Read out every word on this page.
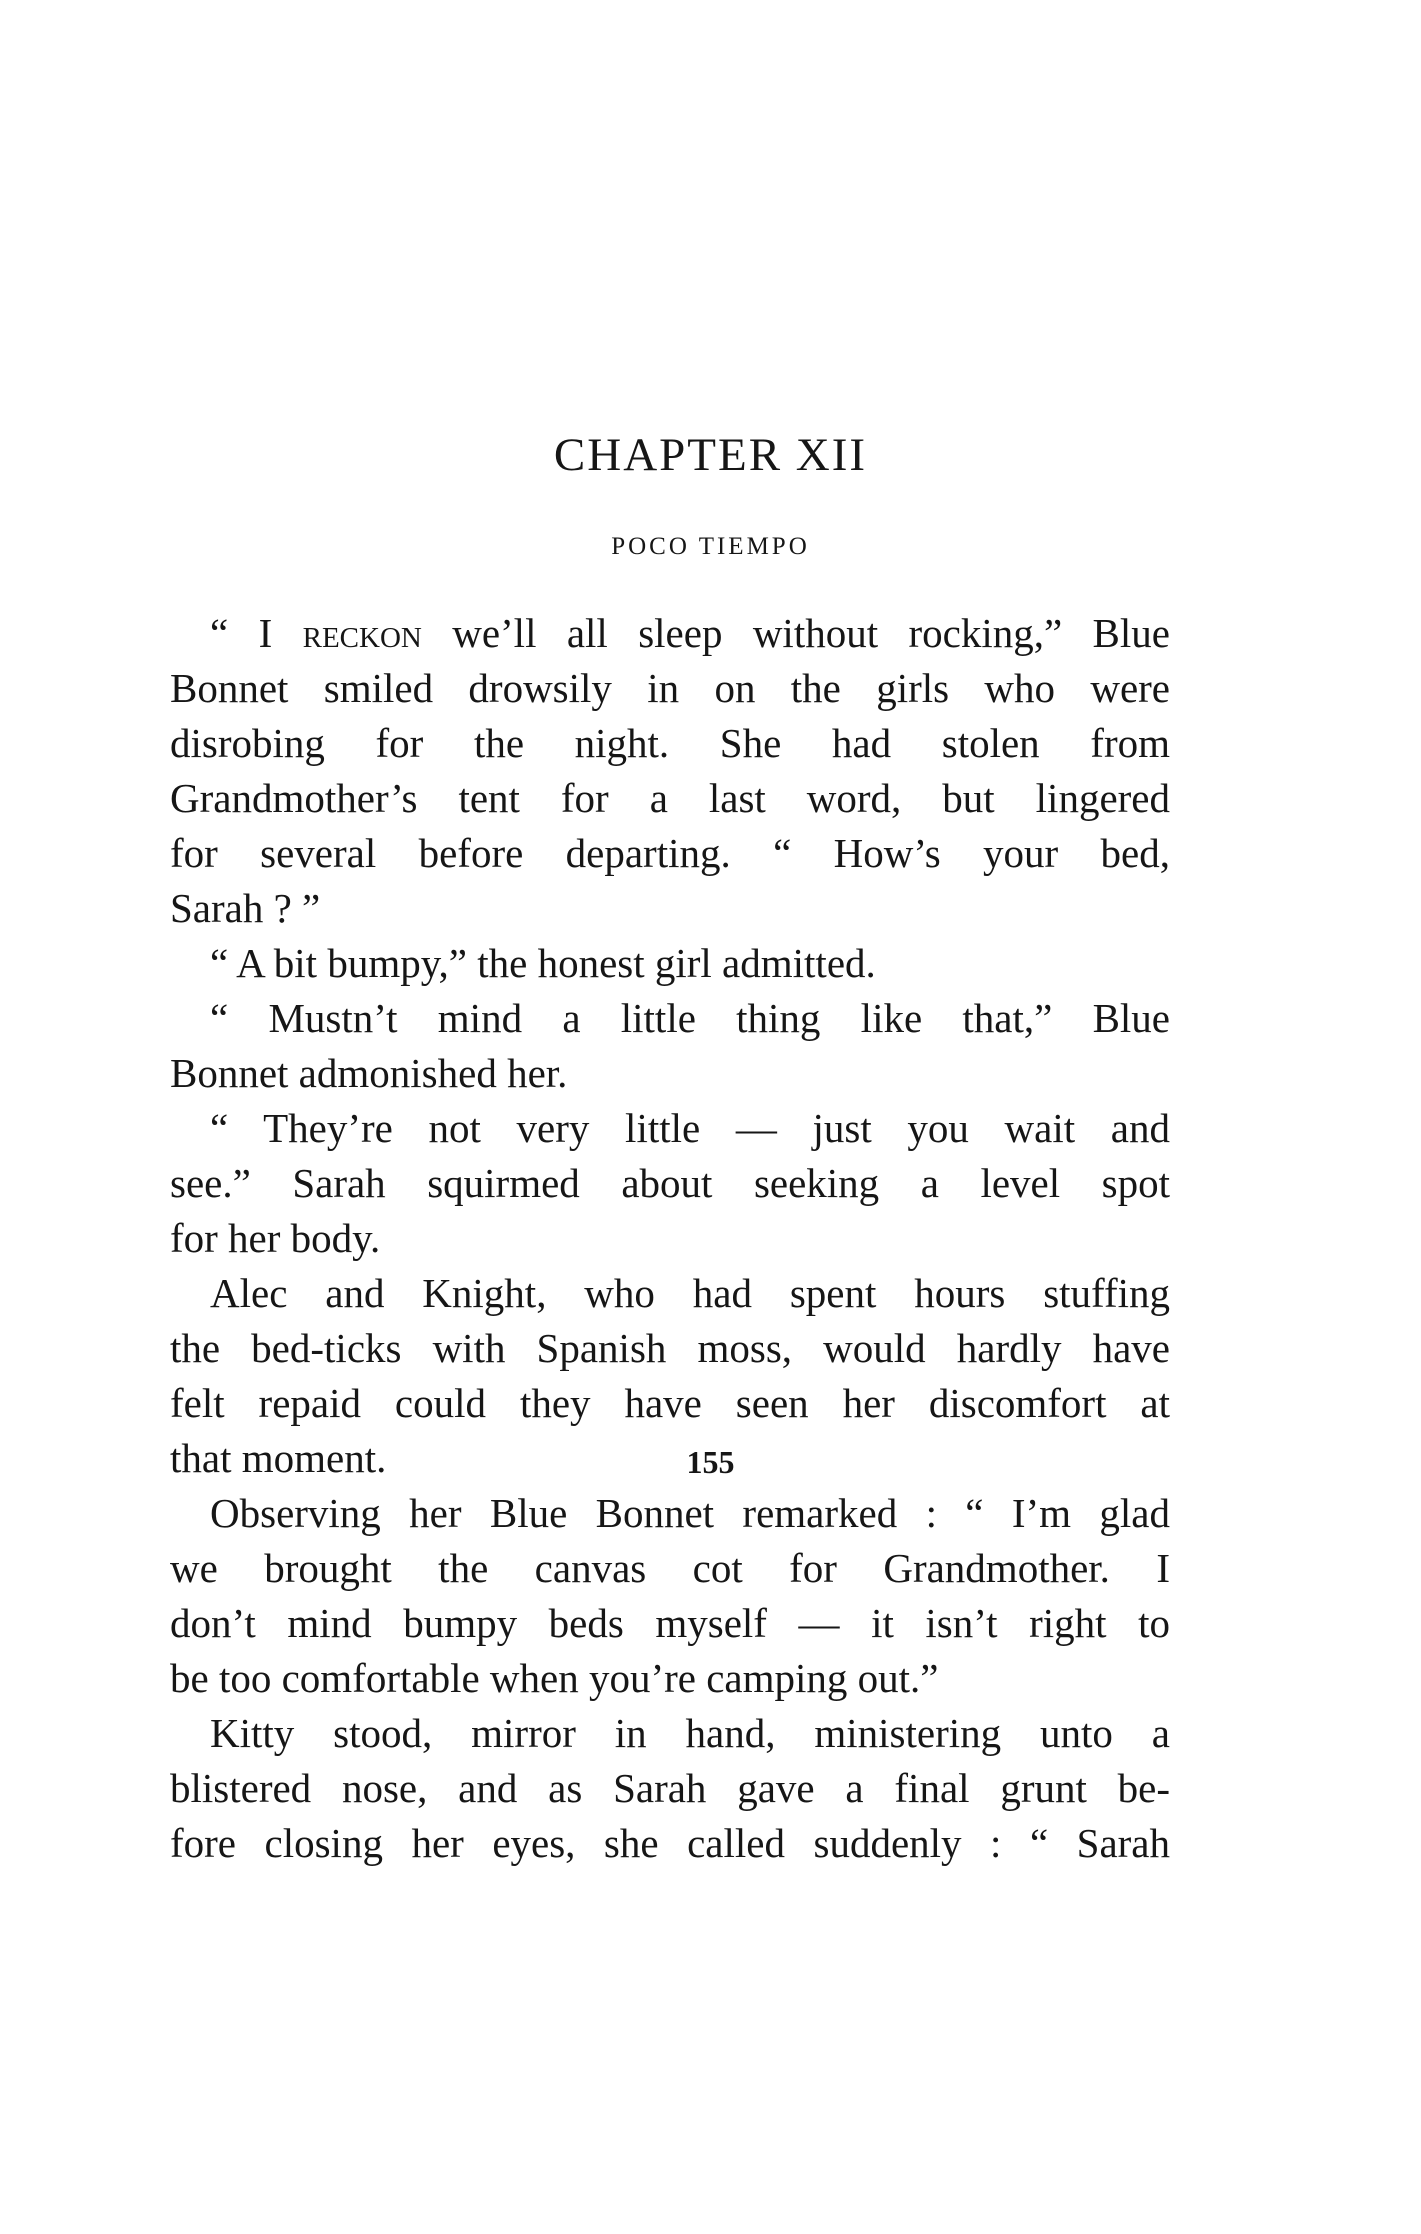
CHAPTER XII
POCO TIEMPO
“ I reckon we’ll all sleep without rocking,” Blue
Bonnet smiled drowsily in on the girls who were
disrobing for the night. She had stolen from
Grandmother’s tent for a last word, but lingered
for several before departing. “ How’s your bed,
Sarah ? ”
“ A bit bumpy,” the honest girl admitted.
“ Mustn’t mind a little thing like that,” Blue
Bonnet admonished her.
“ They’re not very little — just you wait and
see.” Sarah squirmed about seeking a level spot
for her body.
Alec and Knight, who had spent hours stuffing
the bed-ticks with Spanish moss, would hardly have
felt repaid could they have seen her discomfort at
that moment.
Observing her Blue Bonnet remarked : “ I’m glad
we brought the canvas cot for Grandmother. I
don’t mind bumpy beds myself — it isn’t right to
be too comfortable when you’re camping out.”
Kitty stood, mirror in hand, ministering unto a
blistered nose, and as Sarah gave a final grunt be-
fore closing her eyes, she called suddenly : “ Sarah
155
